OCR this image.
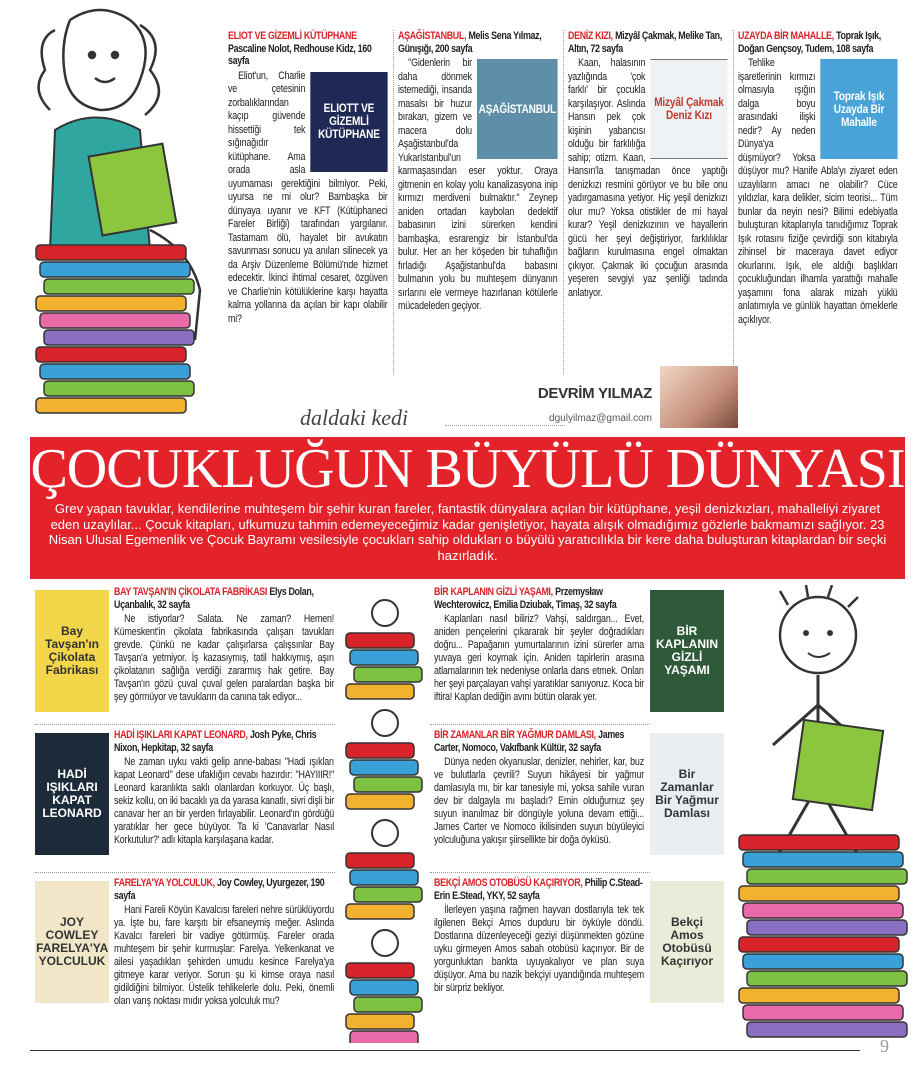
ELIOT VE GİZEMLİ KÜTÜPHANE
Pascaline Nolot, Redhouse Kidz, 160 sayfa
ELIOTT VE GİZEMLİ KÜTÜPHANE

Eliot'un, Charlie ve çetesinin zorbalıklarından kaçıp güvende hissettiği tek sığınağıdır kütüphane. Ama orada asla uyumaması gerektiğini bilmiyor. Peki, uyursa ne mi olur? Bambaşka bir dünyaya uyanır ve KFT (Kütüphaneci Fareler Birliği) tarafından yargılanır. Tastamam ölü, hayalet bir avukatın savunması sonucu ya anıları silinecek ya da Arşiv Düzenleme Bölümü'nde hizmet edecektir. İkinci ihtimal cesaret, özgüven ve Charlie'nin kötülüklerine karşı hayatta kalma yollarına da açılan bir kapı olabilir mi?

AŞAĞİSTANBUL, Melis Sena Yılmaz, Günışığı, 200 sayfa
AŞAĞİSTANBUL

"Gidenlerin bir daha dönmek istemediği, insanda masalsı bir huzur bırakan, gizem ve macera dolu Aşağistanbul'da YukarIstanbul'un karmaşasından eser yoktur. Oraya gitmenin en kolay yolu kanalizasyona inip kırmızı merdiveni bulmaktır." Zeynep aniden ortadan kaybolan dedektif babasının izini sürerken kendini bambaşka, esrarengiz bir İstanbul'da bulur. Her an her köşeden bir tuhaflığın fırladığı Aşağistanbul'da babasını bulmanın yolu bu muhteşem dünyanın sırlarını ele vermeye hazırlanan kötülerle mücadeleden geçiyor.

DENİZ KIZI, Mizyâl Çakmak, Melike Tan, Altın, 72 sayfa
Mizyâl Çakmak Deniz Kızı

Kaan, halasının yazlığında 'çok farklı' bir çocukla karşılaşıyor. Aslında Hansın pek çok kişinin yabancısı olduğu bir farklılığa sahip; otizm. Kaan, Hansın'la tanışmadan önce yaptığı denizkızı resmini görüyor ve bu bile onu yadırgamasına yetiyor. Hiç yeşil denizkızı olur mu? Yoksa otistikler de mi hayal kurar? Yeşil denizkızının ve hayallerin gücü her şeyi değiştiriyor, farklılıklar bağların kurulmasına engel olmaktan çıkıyor. Çakmak iki çocuğun arasında yeşeren sevgiyi yaz şenliği tadında anlatıyor.

UZAYDA BİR MAHALLE, Toprak Işık, Doğan Gençsoy, Tudem, 108 sayfa
Toprak Işık Uzayda Bir Mahalle

Tehlike işaretlerinin kırmızı olmasıyla ışığın dalga boyu arasındaki ilişki nedir? Ay neden Dünya'ya düşmüyor? Yoksa düşüyor mu? Hanife Abla'yı ziyaret eden uzaylıların amacı ne olabilir? Cüce yıldızlar, kara delikler, sicim teorisi... Tüm bunlar da neyin nesi? Bilimi edebiyatla buluşturan kitaplarıyla tanıdığımız Toprak Işık rotasını fiziğe çevirdiği son kitabıyla zihinsel bir maceraya davet ediyor okurlarını. Işık, ele aldığı başlıkları çocukluğundan ilhamla yarattığı mahalle yaşamını fona alarak mizah yüklü anlatımıyla ve günlük hayattan örneklerle açıklıyor.

daldaki kedi
DEVRİM YILMAZ
dgulyilmaz@gmail.com
ÇOCUKLUĞUN BÜYÜLÜ DÜNYASI

Grev yapan tavuklar, kendilerine muhteşem bir şehir kuran fareler, fantastik dünyalara açılan bir kütüphane, yeşil denizkızları, mahalleliyi ziyaret eden uzaylılar... Çocuk kitapları, ufkumuzu tahmin edemeyeceğimiz kadar genişletiyor, hayata alışık olmadığımız gözlerle bakmamızı sağlıyor. 23 Nisan Ulusal Egemenlik ve Çocuk Bayramı vesilesiyle çocukları sahip oldukları o büyülü yaratıcılıkla bir kere daha buluşturan kitaplardan bir seçki hazırladık.

BAY TAVŞAN'IN ÇİKOLATA FABRİKASI Elys Dolan, Uçanbalık, 32 sayfa

Ne istiyorlar? Salata. Ne zaman? Hemen! Kümeskent'in çikolata fabrikasında çalışan tavukları grevde. Çünkü ne kadar çalışırlarsa çalışsınlar Bay Tavşan'a yetmiyor. İş kazasıymış, tatil hakkıymış, aşırı çikolatanın sağlığa verdiği zararmış hak getire. Bay Tavşan'ın gözü çuval çuval gelen paralardan başka bir şey görmüyor ve tavukların da canına tak ediyor...

Bay Tavşan'ın Çikolata Fabrikası
HADİ IŞIKLARI KAPAT LEONARD, Josh Pyke, Chris Nixon, Hepkitap, 32 sayfa

Ne zaman uyku vakti gelip anne-babası "Hadi ışıkları kapat Leonard" dese ufaklığın cevabı hazırdır: "HAYIIIR!" Leonard karanlıkta saklı olanlardan korkuyor. Üç başlı, sekiz kollu, on iki bacaklı ya da yarasa kanatlı, sivri dişli bir canavar her an bir yerden fırlayabilir. Leonard'ın gördüğü yaratıklar her gece büyüyor. Ta ki 'Canavarlar Nasıl Korkutulur?' adlı kitapla karşılaşana kadar.

HADİ IŞIKLARI KAPAT LEONARD
FARELYA'YA YOLCULUK, Joy Cowley, Uyurgezer, 190 sayfa

Hani Fareli Köyün Kavalcısı fareleri nehre sürüklüyordu ya. İşte bu, fare karşıtı bir efsaneymiş meğer. Aslında Kavalcı fareleri bir vadiye götürmüş. Fareler orada muhteşem bir şehir kurmuşlar: Farelya. Yelkenkanat ve ailesi yaşadıkları şehirden umudu kesince Farelya'ya gitmeye karar veriyor. Sorun şu ki kimse oraya nasıl gidildiğini bilmiyor. Üstelik tehlikelerle dolu. Peki, önemli olan varış noktası mıdır yoksa yolculuk mu?

JOY COWLEY FARELYA'YA YOLCULUK
BİR KAPLANIN GİZLİ YAŞAMI, Przemysław Wechterowicz, Emilia Dziubak, Timaş, 32 sayfa

Kaplanları nasıl biliriz? Vahşi, saldırgan... Evet, aniden pençelerini çıkararak bir şeyler doğradıkları doğru... Papağanın yumurtalarının izini sürerler ama yuvaya geri koymak için. Aniden tapirlerin arasına atlamalarının tek nedeniyse onlarla dans etmek. Onları her şeyi parçalayan vahşi yaratıklar sanıyoruz. Koca bir iftira! Kaplan dediğin avını bütün olarak yer.

BİR KAPLANIN GİZLİ YAŞAMI
BİR ZAMANLAR BİR YAĞMUR DAMLASI, James Carter, Nomoco, Vakıfbank Kültür, 32 sayfa

Dünya neden okyanuslar, denizler, nehirler, kar, buz ve bulutlarla çevrili? Suyun hikâyesi bir yağmur damlasıyla mı, bir kar tanesiyle mi, yoksa sahile vuran dev bir dalgayla mı başladı? Emin olduğumuz şey suyun inanılmaz bir döngüyle yoluna devam ettiği... James Carter ve Nomoco ikilisinden suyun büyüleyici yolculuğuna yakışır şiirsellikte bir doğa öyküsü.

Bir Zamanlar Bir Yağmur Damlası
BEKÇİ AMOS OTOBÜSÜ KAÇIRIYOR, Philip C.Stead-Erin E.Stead, YKY, 52 sayfa

İlerleyen yaşına rağmen hayvan dostlarıyla tek tek ilgilenen Bekçi Amos dupduru bir öyküyle döndü. Dostlarına düzenleyeceği geziyi düşünmekten gözüne uyku girmeyen Amos sabah otobüsü kaçırıyor. Bir de yorgunluktan bankta uyuyakalıyor ve plan suya düşüyor. Ama bu nazik bekçiyi uyandığında muhteşem bir sürpriz bekliyor.

Bekçi Amos Otobüsü Kaçırıyor
9
